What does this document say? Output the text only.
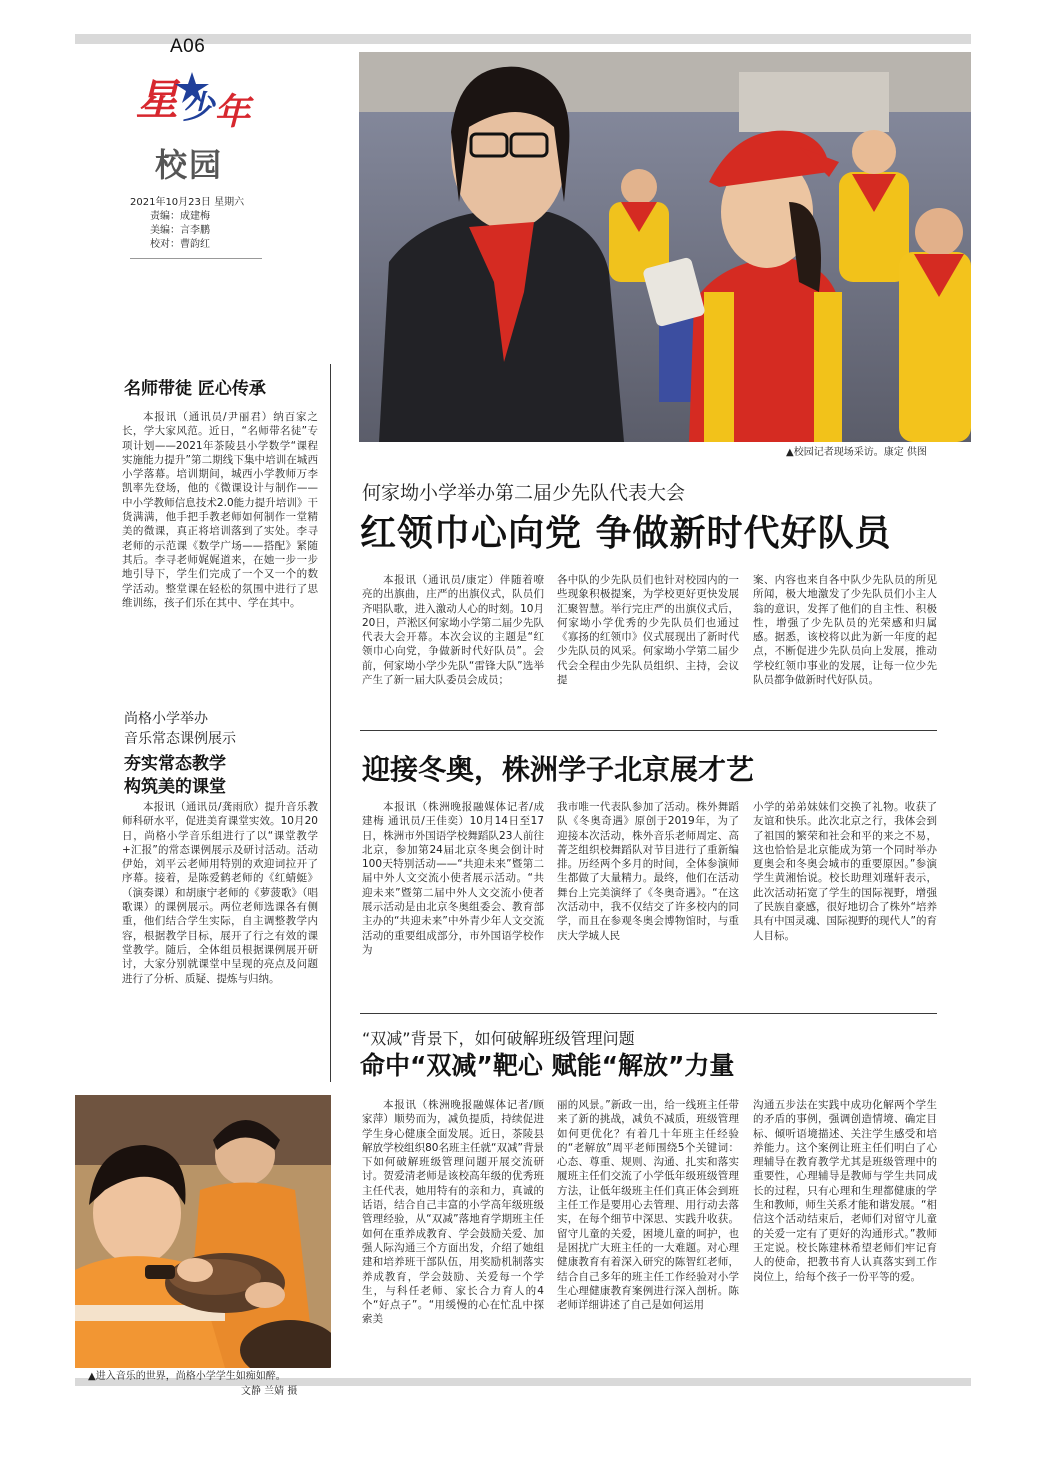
A06
星 少 年
校园
2021年10月23日 星期六
责编：成建梅
美编：言李鹏
校对：曹韵红
▲校园记者现场采访。康定 供图
何家坳小学举办第二届少先队代表大会
红领巾心向党 争做新时代好队员

本报讯（通讯员/康定）伴随着嘹亮的出旗曲，庄严的出旗仪式，队员们齐唱队歌，进入激动人心的时刻。10月20日，芦淞区何家坳小学第二届少先队代表大会开幕。本次会议的主题是“红领巾心向党，争做新时代好队员”。会前，何家坳小学少先队“雷锋大队”选举产生了新一届大队委员会成员；

各中队的少先队员们也针对校园内的一些现象积极提案，为学校更好更快发展汇聚智慧。举行完庄严的出旗仪式后，何家坳小学优秀的少先队员们也通过《寡扬的红领巾》仪式展现出了新时代少先队员的风采。何家坳小学第二届少代会全程由少先队员组织、主持，会议提

案、内容也来自各中队少先队员的所见所闻，极大地激发了少先队员们小主人翁的意识，发挥了他们的自主性、积极性，增强了少先队员的光荣感和归属感。据悉，该校将以此为新一年度的起点，不断促进少先队员向上发展，推动学校红领巾事业的发展，让每一位少先队员都争做新时代好队员。

迎接冬奥，株洲学子北京展才艺

本报讯（株洲晚报融媒体记者/成建梅 通讯员/王佳奕）10月14日至17日，株洲市外国语学校舞蹈队23人前往北京，参加第24届北京冬奥会倒计时100天特别活动——“共迎未来”暨第二届中外人文交流小使者展示活动。“共迎未来”暨第二届中外人文交流小使者展示活动是由北京冬奥组委会、教育部主办的“共迎未来”中外青少年人文交流活动的重要组成部分，市外国语学校作为

我市唯一代表队参加了活动。株外舞蹈队《冬奥奇遇》原创于2019年，为了迎接本次活动，株外音乐老师周定、高菁芝组织校舞蹈队对节目进行了重新编排。历经两个多月的时间，全体参演师生都做了大量精力。最终，他们在活动舞台上完美演绎了《冬奥奇遇》。“在这次活动中，我不仅结交了许多校内的同学，而且在参观冬奥会博物馆时，与重庆大学城人民

小学的弟弟妹妹们交换了礼物。收获了友谊和快乐。此次北京之行，我体会到了祖国的繁荣和社会和平的来之不易，这也恰恰是北京能成为第一个同时举办夏奥会和冬奥会城市的重要原因。”参演学生黄湘怡说。校长助理刘瑾轩表示，此次活动拓宽了学生的国际视野，增强了民族自豪感，很好地切合了株外“培养具有中国灵魂、国际视野的现代人”的育人目标。

“双减”背景下，如何破解班级管理问题
命中“双减”靶心 赋能“解放”力量

本报讯（株洲晚报融媒体记者/顾家萍）顺势而为，减负提质，持续促进学生身心健康全面发展。近日，茶陵县解放学校组织80名班主任就“双减”背景下如何破解班级管理问题开展交流研讨。贺爱清老师是该校高年级的优秀班主任代表，她用特有的亲和力，真诚的话语，结合自己丰富的小学高年级班级管理经验，从“双减”落地育学期班主任如何在重养成教育、学会鼓励关爱、加强人际沟通三个方面出发，介绍了她组建和培养班干部队伍，用奖励机制落实养成教育，学会鼓励、关爱每一个学生，与科任老师、家长合力育人的4个“好点子”。“用缓慢的心在忙乱中探索美

丽的风景。”新政一出，给一线班主任带来了新的挑战，减负不减质，班级管理如何更优化？有着几十年班主任经验的“老解放”周平老师围绕5个关键词：心态、尊重、规则、沟通、扎实和落实履班主任们交流了小学低年级班级管理方法，让低年级班主任们真正体会到班主任工作是要用心去管理、用行动去落实，在每个细节中深思、实践升收获。留守儿童的关爱，困境儿童的呵护，也是困扰广大班主任的一大难题。对心理健康教育有着深入研究的陈智红老师，结合自己多年的班主任工作经验对小学生心理健康教育案例进行深入剖析。陈老师详细讲述了自己是如何运用

沟通五步法在实践中成功化解两个学生的矛盾的事例，强调创造情境、确定目标、倾听语境描述、关注学生感受和培养能力。这个案例让班主任们明白了心理辅导在教育教学尤其是班级管理中的重要性，心理辅导是教师与学生共同成长的过程，只有心理和生理都健康的学生和教师，师生关系才能和谐发展。“相信这个活动结束后，老师们对留守儿童的关爱一定有了更好的沟通形式。”教师王定说。校长陈建林希望老师们牢记育人的使命，把教书育人认真落实到工作岗位上，给每个孩子一份平等的爱。

名师带徒 匠心传承

本报讯（通讯员/尹丽君）纳百家之长，学大家风范。近日，“名师带名徒”专项计划——2021年茶陵县小学数学“课程实施能力提升”第二期线下集中培训在城西小学落幕。培训期间，城西小学教师万李凯率先登场，他的《微课设计与制作——中小学教师信息技术2.0能力提升培训》干货满满，他手把手教老师如何制作一堂精美的微课，真正将培训落到了实处。李寻老师的示范课《数学广场——搭配》紧随其后。李寻老师娓娓道来，在她一步一步地引导下，学生们完成了一个又一个的数学活动。整堂课在轻松的氛围中进行了思维训练，孩子们乐在其中、学在其中。

尚格小学举办
音乐常态课例展示
夯实常态教学
构筑美的课堂

本报讯（通讯员/龚雨欣）提升音乐教师科研水平，促进美育课堂实效。10月20日，尚格小学音乐组进行了以“课堂教学+汇报”的常态课例展示及研讨活动。活动伊始，刘平云老师用特别的欢迎词拉开了序幕。接着，是陈爱鹤老师的《红蜻蜓》（演奏课）和胡康宁老师的《萝菠歌》（唱歌课）的课例展示。两位老师选课各有侧重，他们结合学生实际，自主调整教学内容，根据教学目标，展开了行之有效的课堂教学。随后，全体组员根据课例展开研讨，大家分别就课堂中呈现的亮点及问题进行了分析、质疑、提炼与归纳。

▲进入音乐的世界，尚格小学学生如痴如醉。
文静 兰婧 摄
